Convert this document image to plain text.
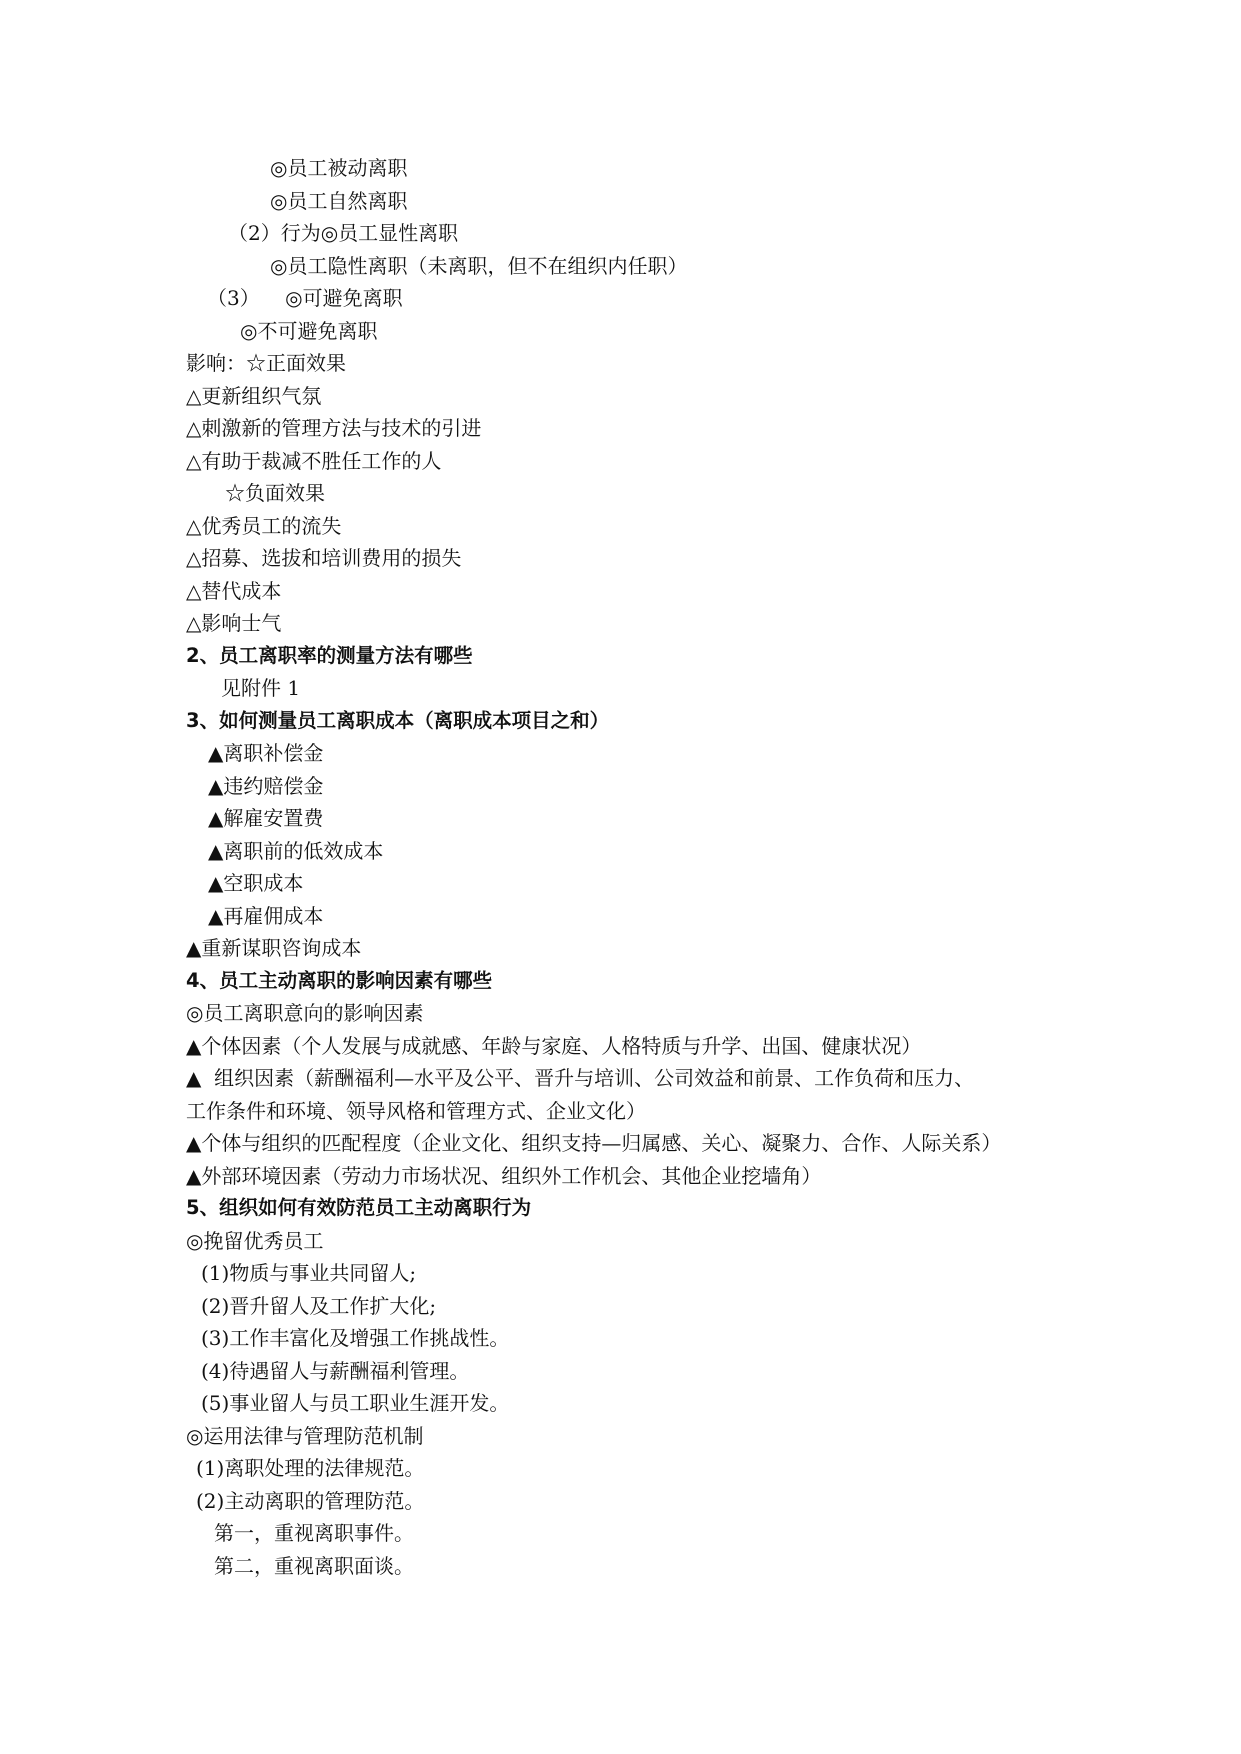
◎员工被动离职

◎员工自然离职

（2）行为◎员工显性离职

◎员工隐性离职（未离职，但不在组织内任职）

（3）    ◎可避免离职

◎不可避免离职

影响：☆正面效果

△更新组织气氛

△刺激新的管理方法与技术的引进

△有助于裁减不胜任工作的人

☆负面效果

△优秀员工的流失

△招募、选拔和培训费用的损失

△替代成本

△影响士气

2、员工离职率的测量方法有哪些

见附件 1

3、如何测量员工离职成本（离职成本项目之和）

▲离职补偿金

▲违约赔偿金

▲解雇安置费

▲离职前的低效成本

▲空职成本

▲再雇佣成本

▲重新谋职咨询成本

4、员工主动离职的影响因素有哪些

◎员工离职意向的影响因素

▲个体因素（个人发展与成就感、年龄与家庭、人格特质与升学、出国、健康状况）

▲  组织因素（薪酬福利—水平及公平、晋升与培训、公司效益和前景、工作负荷和压力、

工作条件和环境、领导风格和管理方式、企业文化）

▲个体与组织的匹配程度（企业文化、组织支持—归属感、关心、凝聚力、合作、人际关系）

▲外部环境因素（劳动力市场状况、组织外工作机会、其他企业挖墙角）

5、组织如何有效防范员工主动离职行为

◎挽留优秀员工

(1)物质与事业共同留人;

(2)晋升留人及工作扩大化;

(3)工作丰富化及增强工作挑战性。

(4)待遇留人与薪酬福利管理。

(5)事业留人与员工职业生涯开发。

◎运用法律与管理防范机制

(1)离职处理的法律规范。

(2)主动离职的管理防范。

第一，重视离职事件。

第二，重视离职面谈。
